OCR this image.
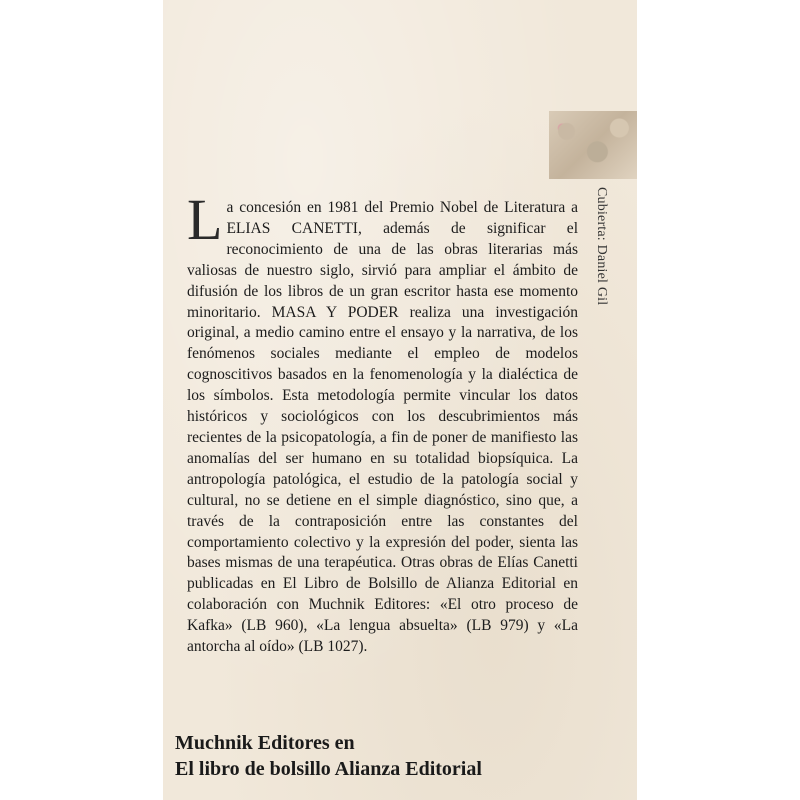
Cubierta: Daniel Gil
La concesión en 1981 del Premio Nobel de Literatura a ELIAS CANETTI, además de significar el reconocimiento de una de las obras literarias más valiosas de nuestro siglo, sirvió para ampliar el ámbito de difusión de los libros de un gran escritor hasta ese momento minoritario. MASA Y PODER realiza una investigación original, a medio camino entre el ensayo y la narrativa, de los fenómenos sociales mediante el empleo de modelos cognoscitivos basados en la fenomenología y la dialéctica de los símbolos. Esta metodología permite vincular los datos históricos y sociológicos con los descubrimientos más recientes de la psicopatología, a fin de poner de manifiesto las anomalías del ser humano en su totalidad biopsíquica. La antropología patológica, el estudio de la patología social y cultural, no se detiene en el simple diagnóstico, sino que, a través de la contraposición entre las constantes del comportamiento colectivo y la expresión del poder, sienta las bases mismas de una terapéutica. Otras obras de Elías Canetti publicadas en El Libro de Bolsillo de Alianza Editorial en colaboración con Muchnik Editores: «El otro proceso de Kafka» (LB 960), «La lengua absuelta» (LB 979) y «La antorcha al oído» (LB 1027).
Muchnik Editores en
El libro de bolsillo Alianza Editorial
